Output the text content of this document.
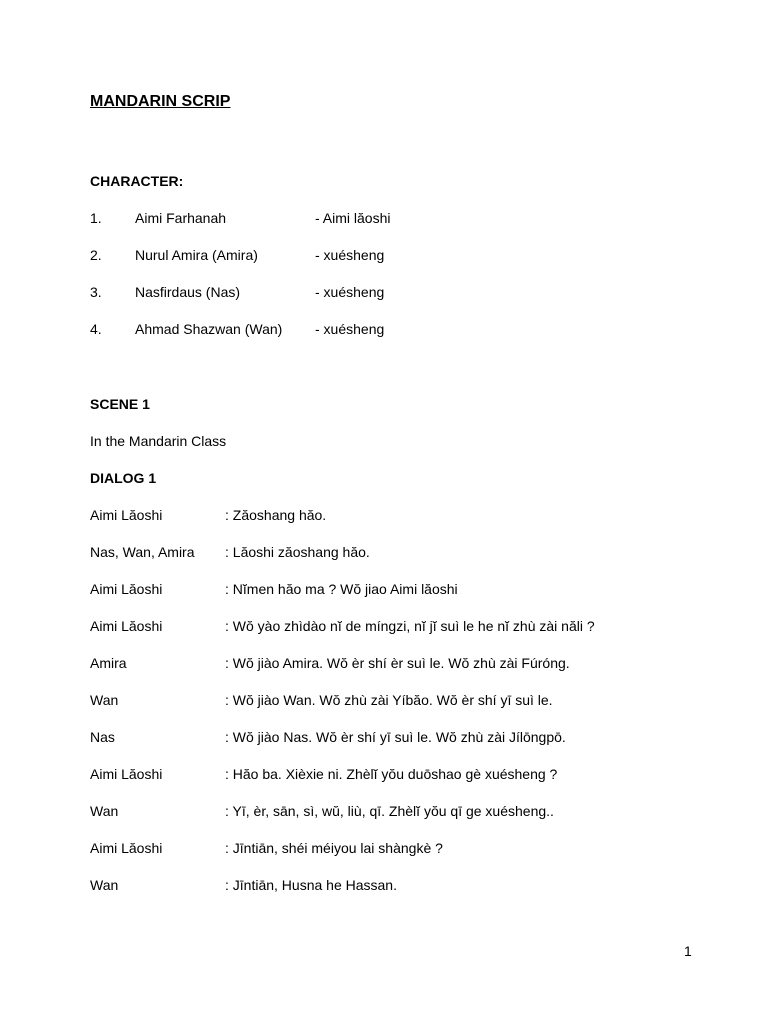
MANDARIN SCRIP
CHARACTER:
1. Aimi Farhanah	- Aimi lăoshi
2. Nurul Amira (Amira)	- xuésheng
3. Nasfirdaus (Nas)	- xuésheng
4. Ahmad Shazwan (Wan) - xuésheng
SCENE 1
In the Mandarin Class
DIALOG 1
Aimi Lăoshi	: Zăoshang hăo.
Nas, Wan, Amira : Lăoshi zăoshang hăo.
Aimi Lăoshi	: Nĭmen hăo ma ? Wŏ jiao Aimi lăoshi
Aimi Lăoshi	: Wŏ yào zhìdào nĭ de míngzi, nĭ jĭ suì le he nĭ zhù zài năli ?
Amira	: Wŏ jiào Amira. Wŏ èr shí èr suì le. Wŏ zhù zài Fúróng.
Wan	: Wŏ jiào Wan. Wŏ zhù zài Yíbăo. Wŏ èr shí yī suì le.
Nas	: Wŏ jiào Nas. Wŏ èr shí yī suì le. Wŏ zhù zài Jílōngpō.
Aimi Lăoshi	: Hăo ba. Xièxie ni. Zhèlĭ yŏu duōshao gè xuésheng ?
Wan	: Yī, èr, sān, sì, wŭ, liù, qī. Zhèlĭ yŏu qī ge xuésheng..
Aimi Lăoshi	: Jīntiān, shéi méiyou lai shàngkè ?
Wan	: Jīntiān, Husna he Hassan.
1
